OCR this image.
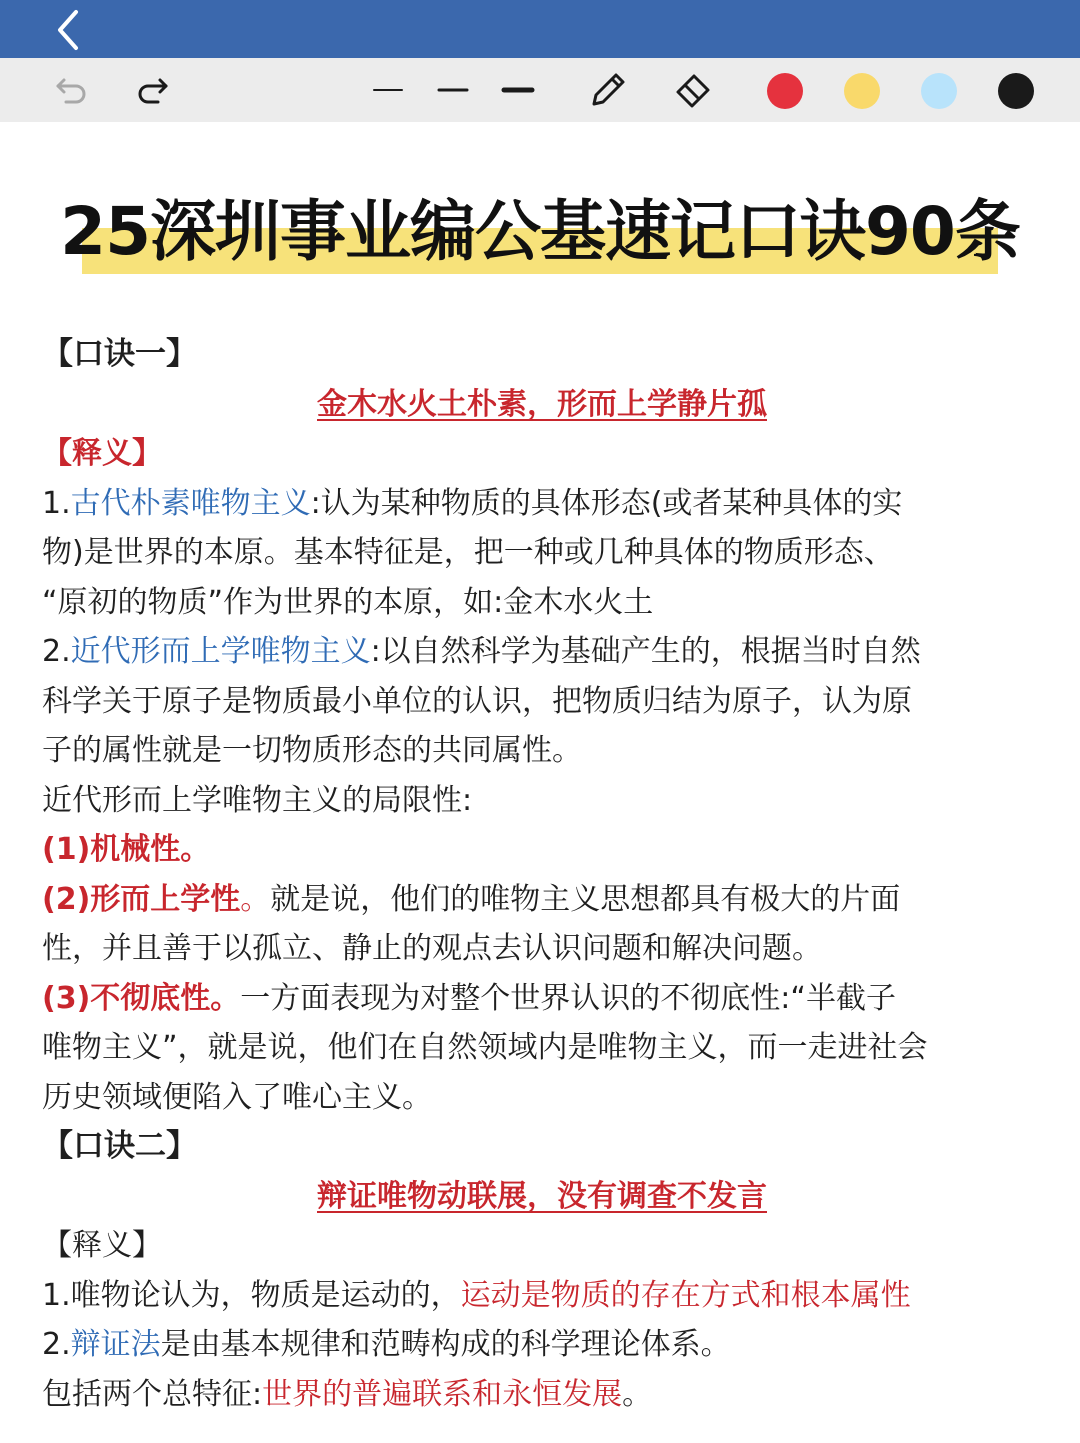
25深圳事业编公基速记口诀90条
【口诀一】
金木水火土朴素，形而上学静片孤
【释义】
1.古代朴素唯物主义:认为某种物质的具体形态(或者某种具体的实
物)是世界的本原。基本特征是，把一种或几种具体的物质形态、
“原初的物质”作为世界的本原，如:金木水火土
2.近代形而上学唯物主义:以自然科学为基础产生的，根据当时自然
科学关于原子是物质最小单位的认识，把物质归结为原子，认为原
子的属性就是一切物质形态的共同属性。
近代形而上学唯物主义的局限性:
(1)机械性。
(2)形而上学性。就是说，他们的唯物主义思想都具有极大的片面
性，并且善于以孤立、静止的观点去认识问题和解决问题。
(3)不彻底性。一方面表现为对整个世界认识的不彻底性:“半截子
唯物主义”，就是说，他们在自然领域内是唯物主义，而一走进社会
历史领域便陷入了唯心主义。
【口诀二】
辩证唯物动联展，没有调查不发言
【释义】
1.唯物论认为，物质是运动的，运动是物质的存在方式和根本属性
2.辩证法是由基本规律和范畴构成的科学理论体系。
包括两个总特征:世界的普遍联系和永恒发展。
